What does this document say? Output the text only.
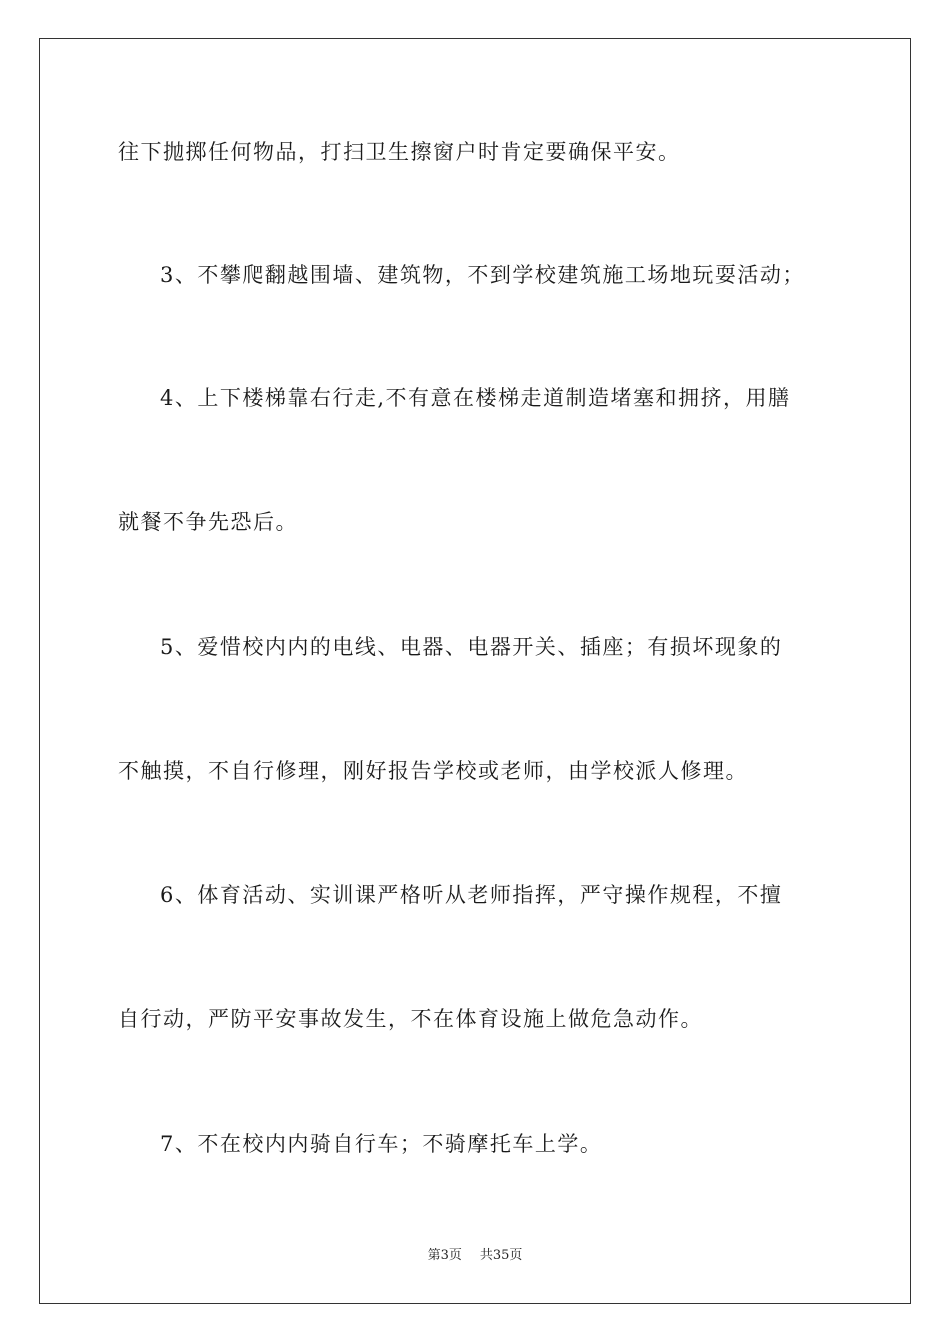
往下抛掷任何物品，打扫卫生擦窗户时肯定要确保平安。
3、不攀爬翻越围墙、建筑物，不到学校建筑施工场地玩耍活动；
4、上下楼梯靠右行走,不有意在楼梯走道制造堵塞和拥挤，用膳
就餐不争先恐后。
5、爱惜校内内的电线、电器、电器开关、插座；有损坏现象的
不触摸，不自行修理，刚好报告学校或老师，由学校派人修理。
6、体育活动、实训课严格听从老师指挥，严守操作规程，不擅
自行动，严防平安事故发生，不在体育设施上做危急动作。
7、不在校内内骑自行车；不骑摩托车上学。
第3页 共35页
